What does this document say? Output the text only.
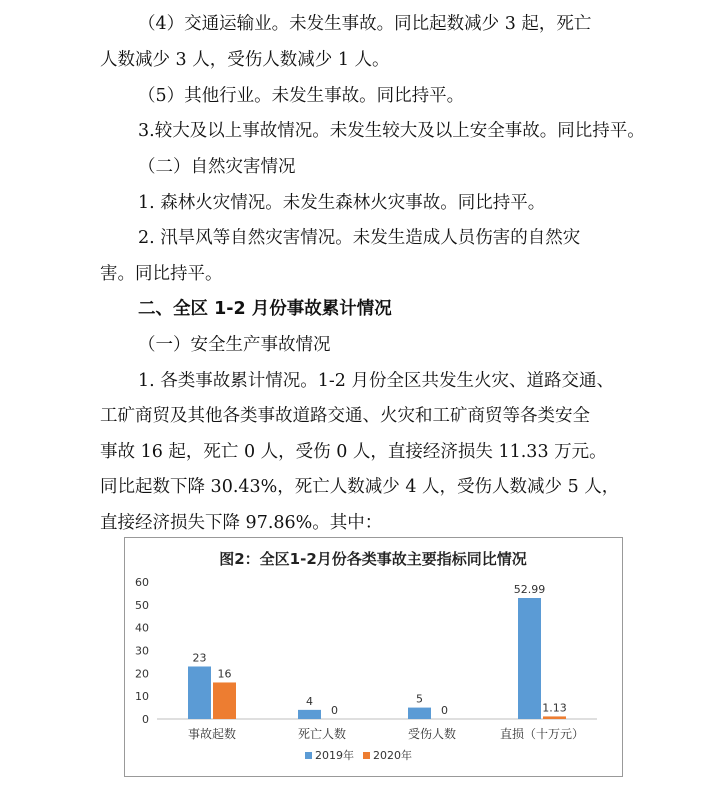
（4）交通运输业。未发生事故。同比起数减少 3 起，死亡
人数减少 3 人，受伤人数减少 1 人。
（5）其他行业。未发生事故。同比持平。
3.较大及以上事故情况。未发生较大及以上安全事故。同比持平。
（二）自然灾害情况
1. 森林火灾情况。未发生森林火灾事故。同比持平。
2. 汛旱风等自然灾害情况。未发生造成人员伤害的自然灾
害。同比持平。
二、全区 1-2 月份事故累计情况
（一）安全生产事故情况
1. 各类事故累计情况。1-2 月份全区共发生火灾、道路交通、
工矿商贸及其他各类事故道路交通、火灾和工矿商贸等各类安全
事故 16 起，死亡 0 人，受伤 0 人，直接经济损失 11.33 万元。
同比起数下降 30.43%，死亡人数减少 4 人，受伤人数减少 5 人，
直接经济损失下降 97.86%。其中：
图2：全区1-2月份各类事故主要指标同比情况
0
10
20
30
40
50
60
23
16
4
0
5
0
52.99
1.13
事故起数	死亡人数	受伤人数	直损（十万元）
2019年 2020年
